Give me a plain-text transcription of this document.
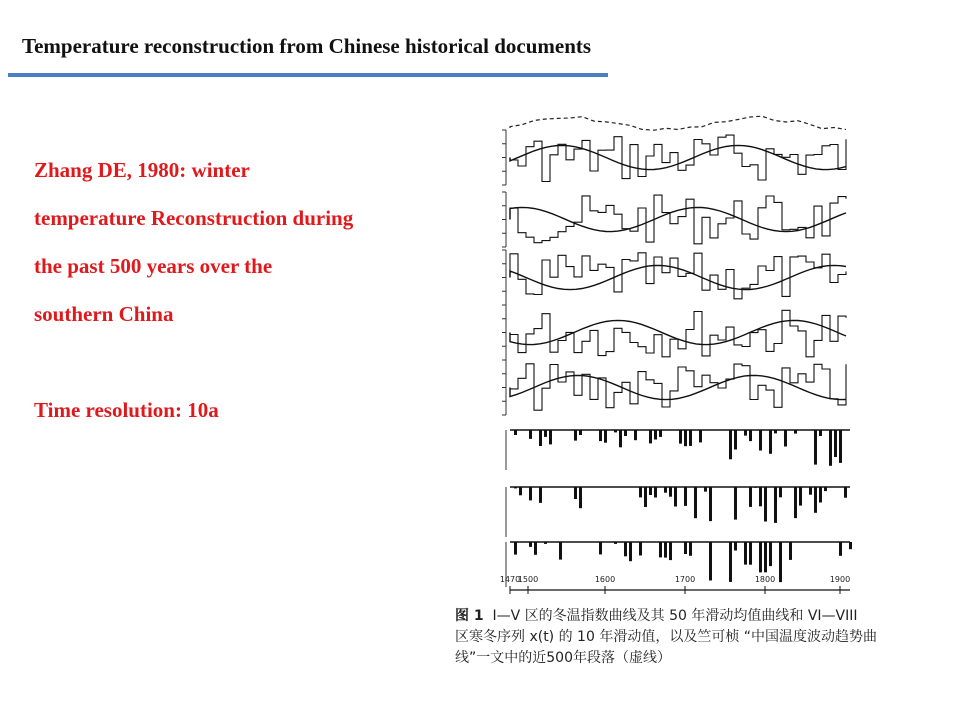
Temperature reconstruction from Chinese historical documents
Zhang DE, 1980: winter
temperature Reconstruction during
the past 500 years over the
southern China
Time resolution: 10a
1470
1500	1600	1700	1800	1900
图 1 I—V 区的冬温指数曲线及其 50 年滑动均值曲线和 VI—VIII
区寒冬序列 x(t) 的 10 年滑动值，以及竺可桢 “中国温度波动趋势曲
线”一文中的近500年段落（虚线）
